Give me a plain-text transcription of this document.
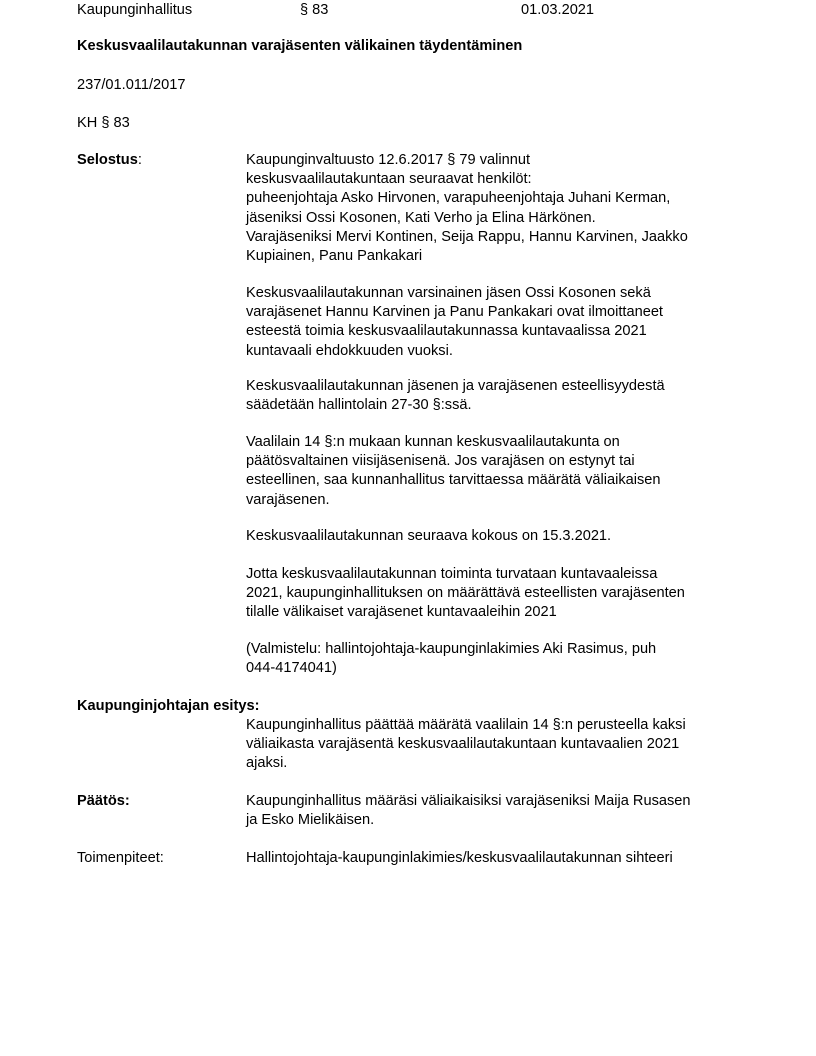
Kaupunginhallitus	§ 83	01.03.2021
Keskusvaalilautakunnan varajäsenten välikainen täydentäminen
237/01.011/2017
KH § 83
Selostus:	Kaupunginvaltuusto 12.6.2017 § 79 valinnut
keskusvaalilautakuntaan seuraavat henkilöt:
puheenjohtaja Asko Hirvonen, varapuheenjohtaja Juhani Kerman,
jäseniksi Ossi Kosonen, Kati Verho ja Elina Härkönen.
Varajäseniksi Mervi Kontinen, Seija Rappu, Hannu Karvinen, Jaakko
Kupiainen, Panu Pankakari
Keskusvaalilautakunnan varsinainen jäsen Ossi Kosonen sekä
varajäsenet Hannu Karvinen ja Panu Pankakari ovat ilmoittaneet
esteestä toimia keskusvaalilautakunnassa kuntavaalissa 2021
kuntavaali ehdokkuuden vuoksi.
Keskusvaalilautakunnan jäsenen ja varajäsenen esteellisyydestä
säädetään hallintolain 27-30 §:ssä.
Vaalilain 14 §:n mukaan kunnan keskusvaalilautakunta on
päätösvaltainen viisijäsenisenä. Jos varajäsen on estynyt tai
esteellinen, saa kunnanhallitus tarvittaessa määrätä väliaikaisen
varajäsenen.
Keskusvaalilautakunnan seuraava kokous on 15.3.2021.
Jotta keskusvaalilautakunnan toiminta turvataan kuntavaaleissa
2021, kaupunginhallituksen on määrättävä esteellisten varajäsenten
tilalle välikaiset varajäsenet kuntavaaleihin 2021
(Valmistelu: hallintojohtaja-kaupunginlakimies Aki Rasimus, puh
044-4174041)
Kaupunginjohtajan esitys:
Kaupunginhallitus päättää määrätä vaalilain 14 §:n perusteella kaksi
väliaikasta varajäsentä keskusvaalilautakuntaan kuntavaalien 2021
ajaksi.
Päätös:	Kaupunginhallitus määräsi väliaikaisiksi varajäseniksi Maija Rusasen
ja Esko Mielikäisen.
Toimenpiteet:	Hallintojohtaja-kaupunginlakimies/keskusvaalilautakunnan sihteeri
